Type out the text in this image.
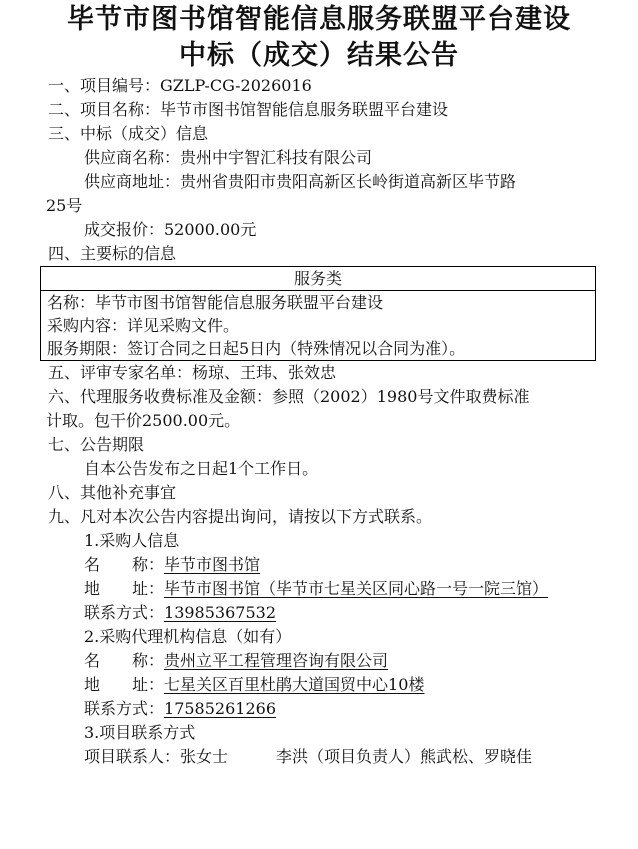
毕节市图书馆智能信息服务联盟平台建设
中标（成交）结果公告
一、项目编号：GZLP-CG-2026016
二、项目名称：毕节市图书馆智能信息服务联盟平台建设
三、中标（成交）信息
供应商名称：贵州中宇智汇科技有限公司
供应商地址：贵州省贵阳市贵阳高新区长岭街道高新区毕节路
25号
成交报价：52000.00元
四、主要标的信息
服务类
名称：毕节市图书馆智能信息服务联盟平台建设
采购内容：详见采购文件。
服务期限：签订合同之日起5日内（特殊情况以合同为准）。
五、评审专家名单：杨琼、王玮、张效忠
六、代理服务收费标准及金额：参照（2002）1980号文件取费标准
计取。包干价2500.00元。
七、公告期限
自本公告发布之日起1个工作日。
八、其他补充事宜
九、凡对本次公告内容提出询问，请按以下方式联系。
1.采购人信息
名　　称：毕节市图书馆
地　　址：毕节市图书馆（毕节市七星关区同心路一号一院三馆）
联系方式：13985367532
2.采购代理机构信息（如有）
名　　称：贵州立平工程管理咨询有限公司
地　　址：七星关区百里杜鹃大道国贸中心10楼
联系方式：17585261266
3.项目联系方式
项目联系人：张女士　　　李洪（项目负责人）熊武松、罗晓佳
